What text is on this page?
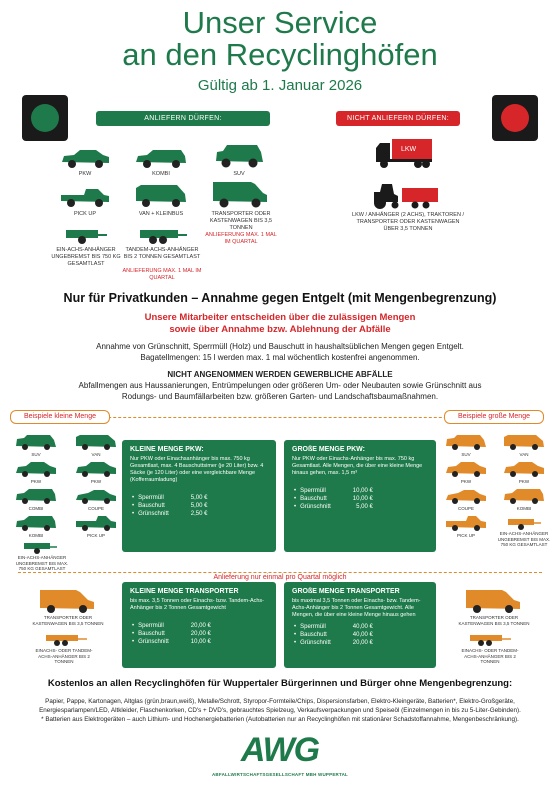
Unser Service
an den Recyclinghöfen
Gültig ab 1. Januar 2026
ANLIEFERN DÜRFEN:	NICHT ANLIEFERN DÜRFEN:
PKW	KOMBI	SUV
PICK UP	VAN + KLEINBUS	TRANSPORTER ODER KASTENWAGEN BIS 3,5 TONNEN
ANLIEFERUNG MAX. 1 MAL IM QUARTAL
EIN-ACHS-ANHÄNGER UNGEBREMST BIS 750 KG GESAMTLAST
TANDEM-ACHS-ANHÄNGER BIS 2 TONNEN GESAMTLAST
ANLIEFERUNG MAX. 1 MAL IM QUARTAL
LKW
LKW / ANHÄNGER (2 ACHS), TRAKTOREN / TRANSPORTER ODER KASTENWAGEN ÜBER 3,5 TONNEN
Nur für Privatkunden – Annahme gegen Entgelt (mit Mengenbegrenzung)
Unsere Mitarbeiter entscheiden über die zulässigen Mengen
sowie über Annahme bzw. Ablehnung der Abfälle
Annahme von Grünschnitt, Sperrmüll (Holz) und Bauschutt in haushaltsüblichen Mengen gegen Entgelt.
Bagatellmengen: 15 l werden max. 1 mal wöchentlich kostenfrei angenommen.
NICHT ANGENOMMEN WERDEN GEWERBLICHE ABFÄLLE
Abfallmengen aus Haussanierungen, Entrümpelungen oder größeren Um- oder Neubauten sowie Grünschnitt aus
Rodungs- und Baumfällarbeiten bzw. größeren Garten- und Landschaftsbaumaßnahmen.
Beispiele kleine Menge	Beispiele große Menge
SUV	VAN
PKW	PKW
COMBI	COUPE
KOMBI	PICK UP
EIN-ACHS-ANHÄNGER UNGEBREMST BIS MAX. 750 KG GESAMTLAST
SUV	VAN
PKW	PKW
COUPE	KOMBI
PICK UP	EIN-ACHS-ANHÄNGER UNGEBREMST BIS MAX. 750 KG GESAMTLAST
KLEINE MENGE PKW:
Nur PKW oder Einachsanhänger bis max. 750 kg Gesamtlast, max. 4 Bauschuttsimer (je 20 Liter) bzw. 4 Säcke (je 120 Liter) oder eine vergleichbare Menge (Kofferraumladung)
•	Sperrmüll	5,00 €
•	Bauschutt	5,00 €
•	Grünschnitt	2,50 €
GROßE MENGE PKW:
Nur PKW oder Einachs-Anhänger bis max. 750 kg Gesamtlast. Alle Mengen, die über eine kleine Menge hinaus gehen, max. 1,5 m³
•	Sperrmüll	10,00 €
•	Bauschutt	10,00 €
•	Grünschnitt	5,00 €
Anlieferung nur einmal pro Quartal möglich
TRANSPORTER ODER KASTENWAGEN BIS 3,5 TONNEN
EINACHS- ODER TANDEM-ACHS-ANHÄNGER BIS 2 TONNEN
TRANSPORTER ODER KASTENWAGEN BIS 3,5 TONNEN
EINACHS- ODER TANDEM-ACHS-ANHÄNGER BIS 2 TONNEN
KLEINE MENGE TRANSPORTER
bis max. 3,5 Tonnen oder Einachs- bzw. Tandem-Achs-Anhänger bis 2 Tonnen Gesamtgewicht
•	Sperrmüll	20,00 €
•	Bauschutt	20,00 €
•	Grünschnitt	10,00 €
GROßE MENGE TRANSPORTER
bis maximal 3,5 Tonnen oder Einachs- bzw. Tandem-Achs-Anhänger bis 2 Tonnen Gesamtgewicht. Alle Mengen, die über eine kleine Menge hinaus gehen
•	Sperrmüll	40,00 €
•	Bauschutt	40,00 €
•	Grünschnitt	20,00 €
Kostenlos an allen Recyclinghöfen für Wuppertaler Bürgerinnen und Bürger ohne Mengenbegrenzung:
Papier, Pappe, Kartonagen, Altglas (grün,braun,weiß), Metalle/Schrott, Styropor-Formteile/Chips, Dispersionsfarben, Elektro-Kleingeräte, Batterien*, Elektro-Großgeräte,
Energiesparlampen/LED, Altkleider, Flaschenkorken, CD's + DVD's, gebrauchtes Spielzeug, Verkaufsverpackungen und Speiseöl (Einzelmengen in bis zu 5-Liter-Gebinden).
* Batterien aus Elektrogeräten – auch Lithium- und Hochenergiebatterien (Autobatterien nur an Recyclinghöfen mit stationärer Schadstoffannahme, Mengenbeschränkung).
AWG
ABFALLWIRTSCHAFTSGESELLSCHAFT MBH WUPPERTAL
